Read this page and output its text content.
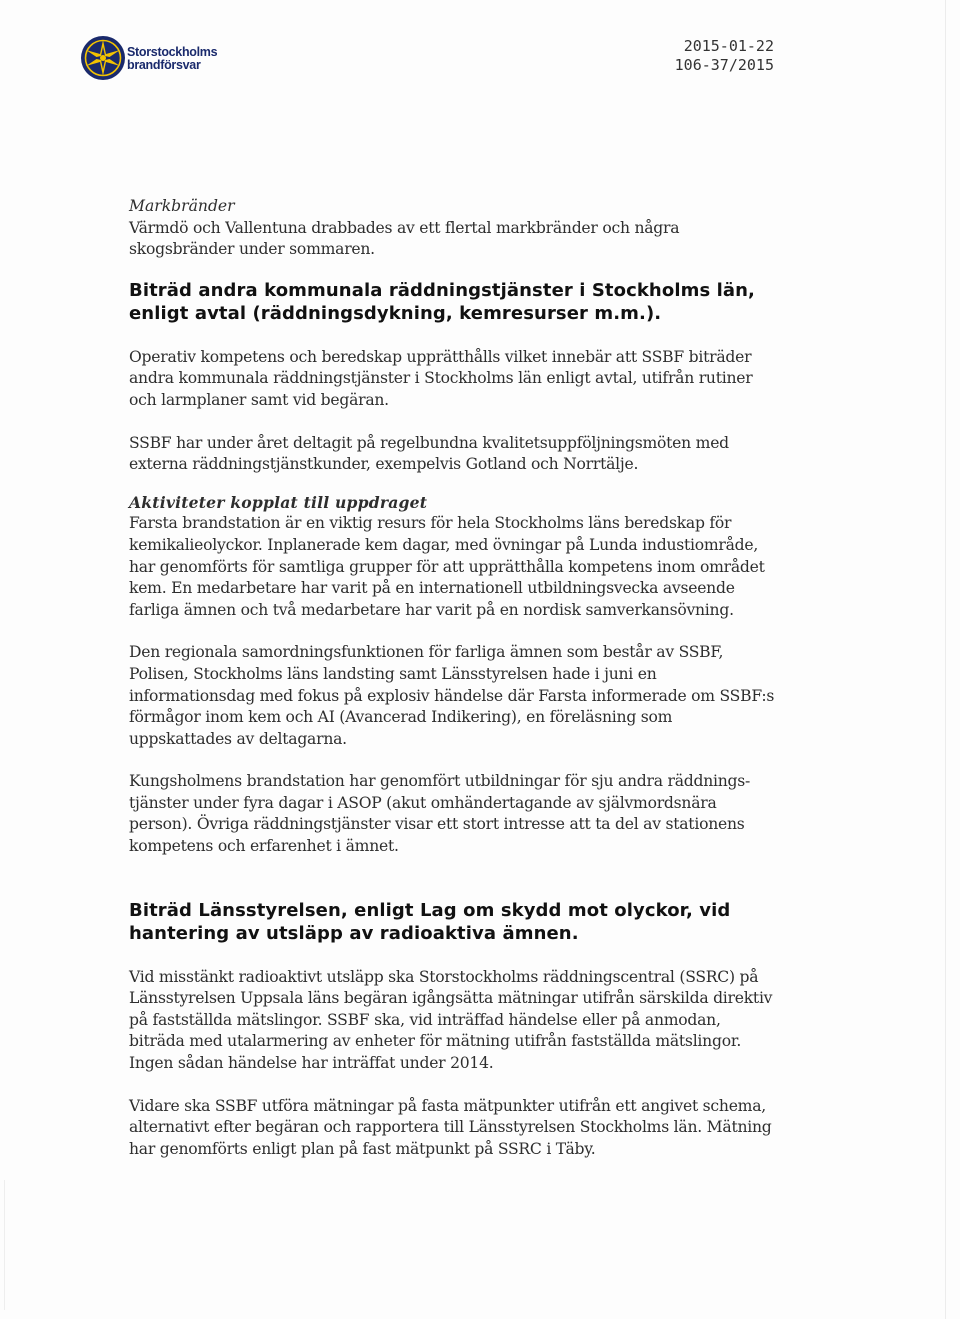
Storstockholms
brandförsvar
2015-01-22
106-37/2015

Markbränder

Värmdö och Vallentuna drabbades av ett flertal markbränder och några skogsbränder under sommaren.

Biträd andra kommunala räddningstjänster i Stockholms län, enligt avtal (räddningsdykning, kemresurser m.m.).

Operativ kompetens och beredskap upprätthålls vilket innebär att SSBF biträder andra kommunala räddningstjänster i Stockholms län enligt avtal, utifrån rutiner och larmplaner samt vid begäran.

SSBF har under året deltagit på regelbundna kvalitetsuppföljningsmöten med externa räddningstjänstkunder, exempelvis Gotland och Norrtälje.

Aktiviteter kopplat till uppdraget

Farsta brandstation är en viktig resurs för hela Stockholms läns beredskap för kemikalieolyckor. Inplanerade kem dagar, med övningar på Lunda industiområde, har genomförts för samtliga grupper för att upprätthålla kompetens inom området kem. En medarbetare har varit på en internationell utbildningsvecka avseende farliga ämnen och två medarbetare har varit på en nordisk samverkansövning.

Den regionala samordningsfunktionen för farliga ämnen som består av SSBF, Polisen, Stockholms läns landsting samt Länsstyrelsen hade i juni en informationsdag med fokus på explosiv händelse där Farsta informerade om SSBF:s förmågor inom kem och AI (Avancerad Indikering), en föreläsning som uppskattades av deltagarna.

Kungsholmens brandstation har genomfört utbildningar för sju andra räddnings-tjänster under fyra dagar i ASOP (akut omhändertagande av självmordsnära person). Övriga räddningstjänster visar ett stort intresse att ta del av stationens kompetens och erfarenhet i ämnet.

Biträd Länsstyrelsen, enligt Lag om skydd mot olyckor, vid hantering av utsläpp av radioaktiva ämnen.

Vid misstänkt radioaktivt utsläpp ska Storstockholms räddningscentral (SSRC) på Länsstyrelsen Uppsala läns begäran igångsätta mätningar utifrån särskilda direktiv på fastställda mätslingor. SSBF ska, vid inträffad händelse eller på anmodan, biträda med utalarmering av enheter för mätning utifrån fastställda mätslingor. Ingen sådan händelse har inträffat under 2014.

Vidare ska SSBF utföra mätningar på fasta mätpunkter utifrån ett angivet schema, alternativt efter begäran och rapportera till Länsstyrelsen Stockholms län. Mätning har genomförts enligt plan på fast mätpunkt på SSRC i Täby.
